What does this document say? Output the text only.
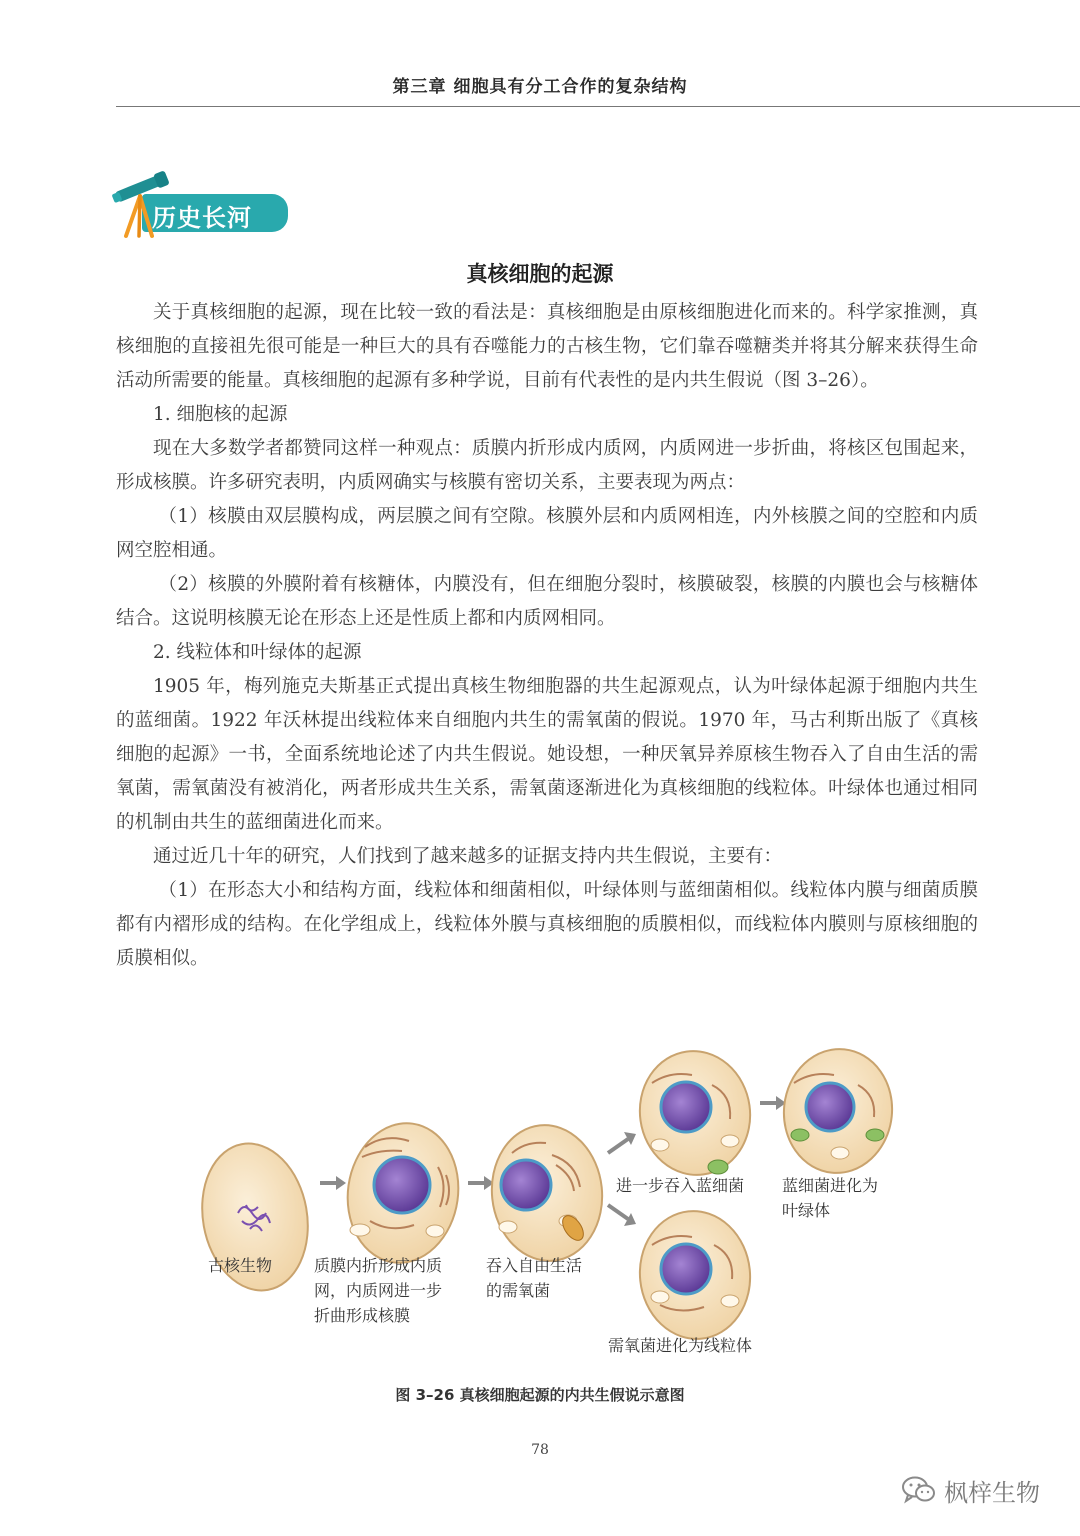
第三章 细胞具有分工合作的复杂结构
历史长河
真核细胞的起源

关于真核细胞的起源，现在比较一致的看法是：真核细胞是由原核细胞进化而来的。科学家推测，真核细胞的直接祖先很可能是一种巨大的具有吞噬能力的古核生物，它们靠吞噬糖类并将其分解来获得生命活动所需要的能量。真核细胞的起源有多种学说，目前有代表性的是内共生假说（图 3–26）。

1. 细胞核的起源

现在大多数学者都赞同这样一种观点：质膜内折形成内质网，内质网进一步折曲，将核区包围起来，形成核膜。许多研究表明，内质网确实与核膜有密切关系，主要表现为两点：

（1）核膜由双层膜构成，两层膜之间有空隙。核膜外层和内质网相连，内外核膜之间的空腔和内质网空腔相通。

（2）核膜的外膜附着有核糖体，内膜没有，但在细胞分裂时，核膜破裂，核膜的内膜也会与核糖体结合。这说明核膜无论在形态上还是性质上都和内质网相同。

2. 线粒体和叶绿体的起源

1905 年，梅列施克夫斯基正式提出真核生物细胞器的共生起源观点，认为叶绿体起源于细胞内共生的蓝细菌。1922 年沃林提出线粒体来自细胞内共生的需氧菌的假说。1970 年，马古利斯出版了《真核细胞的起源》一书，全面系统地论述了内共生假说。她设想，一种厌氧异养原核生物吞入了自由生活的需氧菌，需氧菌没有被消化，两者形成共生关系，需氧菌逐渐进化为真核细胞的线粒体。叶绿体也通过相同的机制由共生的蓝细菌进化而来。

通过近几十年的研究，人们找到了越来越多的证据支持内共生假说，主要有：

（1）在形态大小和结构方面，线粒体和细菌相似，叶绿体则与蓝细菌相似。线粒体内膜与细菌质膜都有内褶形成的结构。在化学组成上，线粒体外膜与真核细胞的质膜相似，而线粒体内膜则与原核细胞的质膜相似。

古核生物	质膜内折形成内质
网，内质网进一步
折曲形成核膜
吞入自由生活
的需氧菌
进一步吞入蓝细菌 蓝细菌进化为
叶绿体
需氧菌进化为线粒体
图 3–26 真核细胞起源的内共生假说示意图
78
枫梓生物
